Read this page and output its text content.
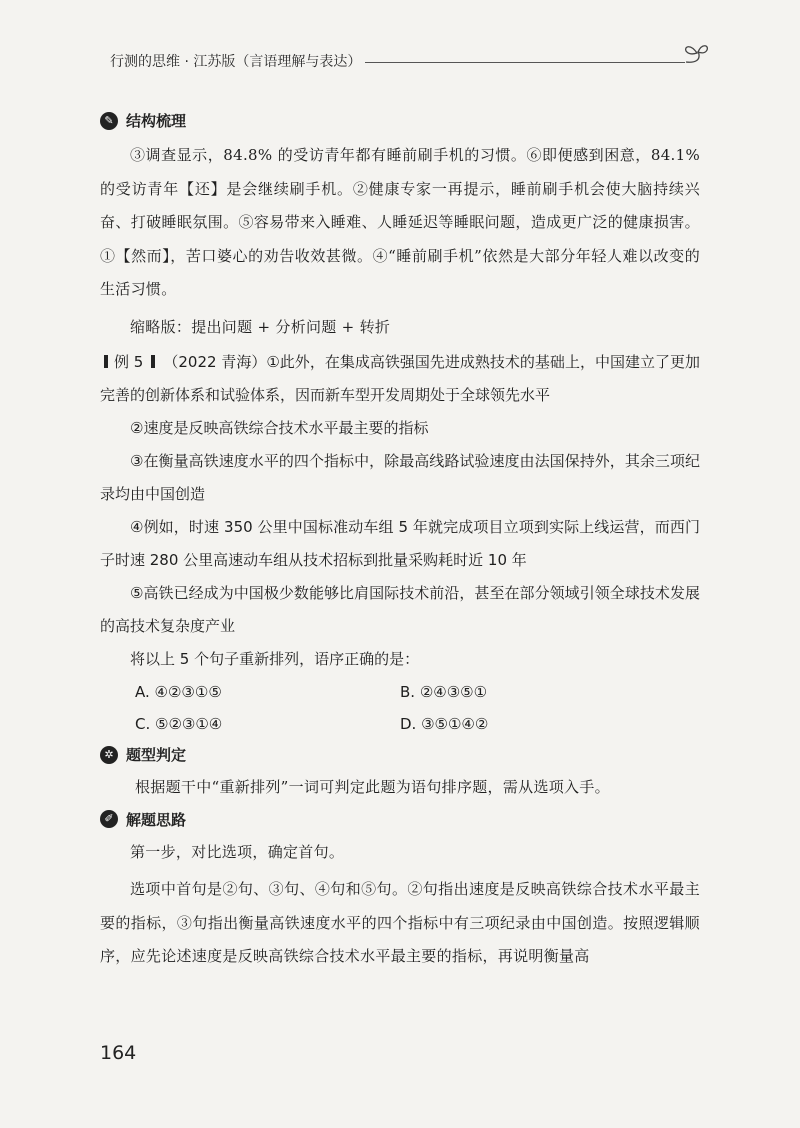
行测的思维 · 江苏版（言语理解与表达）
✎ 结构梳理

③调查显示，84.8% 的受访青年都有睡前刷手机的习惯。⑥即便感到困意，84.1% 的受访青年【还】是会继续刷手机。②健康专家一再提示，睡前刷手机会使大脑持续兴奋、打破睡眠氛围。⑤容易带来入睡难、人睡延迟等睡眠问题，造成更广泛的健康损害。①【然而】，苦口婆心的劝告收效甚微。④“睡前刷手机”依然是大部分年轻人难以改变的生活习惯。

缩略版：提出问题 + 分析问题 + 转折

例 5 （2022 青海）①此外，在集成高铁强国先进成熟技术的基础上，中国建立了更加完善的创新体系和试验体系，因而新车型开发周期处于全球领先水平

②速度是反映高铁综合技术水平最主要的指标

③在衡量高铁速度水平的四个指标中，除最高线路试验速度由法国保持外，其余三项纪录均由中国创造

④例如，时速 350 公里中国标准动车组 5 年就完成项目立项到实际上线运营，而西门子时速 280 公里高速动车组从技术招标到批量采购耗时近 10 年

⑤高铁已经成为中国极少数能够比肩国际技术前沿，甚至在部分领域引领全球技术发展的高技术复杂度产业

将以上 5 个句子重新排列，语序正确的是：

A. ④②③①⑤	B. ②④③⑤①
C. ⑤②③①④	D. ③⑤①④②
✲ 题型判定

根据题干中“重新排列”一词可判定此题为语句排序题，需从选项入手。

✐ 解题思路

第一步，对比选项，确定首句。

选项中首句是②句、③句、④句和⑤句。②句指出速度是反映高铁综合技术水平最主要的指标，③句指出衡量高铁速度水平的四个指标中有三项纪录由中国创造。按照逻辑顺序，应先论述速度是反映高铁综合技术水平最主要的指标，再说明衡量高

164
